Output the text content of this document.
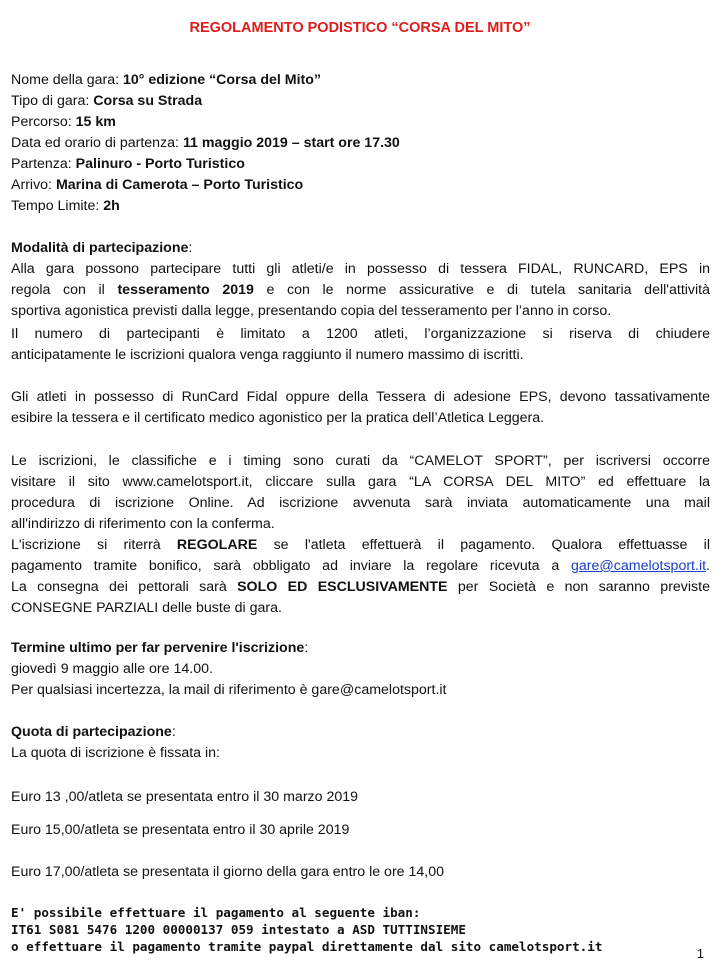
REGOLAMENTO PODISTICO “CORSA DEL MITO”
Nome della gara: 10° edizione “Corsa del Mito”
Tipo di gara: Corsa su Strada
Percorso: 15 km
Data ed orario di partenza: 11 maggio 2019 – start ore 17.30
Partenza: Palinuro - Porto Turistico
Arrivo: Marina di Camerota – Porto Turistico
Tempo Limite: 2h
Modalità di partecipazione:
Alla gara possono partecipare tutti gli atleti/e in possesso di tessera FIDAL, RUNCARD, EPS in
regola con il tesseramento 2019 e con le norme assicurative e di tutela sanitaria dell'attività
sportiva agonistica previsti dalla legge, presentando copia del tesseramento per l’anno in corso.
Il numero di partecipanti è limitato a 1200 atleti, l’organizzazione si riserva di chiudere
anticipatamente le iscrizioni qualora venga raggiunto il numero massimo di iscritti.
Gli atleti in possesso di RunCard Fidal oppure della Tessera di adesione EPS, devono tassativamente
esibire la tessera e il certificato medico agonistico per la pratica dell’Atletica Leggera.
Le iscrizioni, le classifiche e i timing sono curati da “CAMELOT SPORT”, per iscriversi occorre
visitare il sito www.camelotsport.it, cliccare sulla gara “LA CORSA DEL MITO” ed effettuare la
procedura di iscrizione Online. Ad iscrizione avvenuta sarà inviata automaticamente una mail
all'indirizzo di riferimento con la conferma.
L'iscrizione si riterrà REGOLARE se l'atleta effettuerà il pagamento. Qualora effettuasse il
pagamento tramite bonifico, sarà obbligato ad inviare la regolare ricevuta a gare@camelotsport.it.
La consegna dei pettorali sarà SOLO ED ESCLUSIVAMENTE per Società e non saranno previste
CONSEGNE PARZIALI delle buste di gara.
Termine ultimo per far pervenire l'iscrizione:
giovedì 9 maggio alle ore 14.00.
Per qualsiasi incertezza, la mail di riferimento è gare@camelotsport.it
Quota di partecipazione:
La quota di iscrizione è fissata in:
Euro 13 ,00/atleta se presentata entro il 30 marzo 2019
Euro 15,00/atleta se presentata entro il 30 aprile 2019
Euro 17,00/atleta se presentata il giorno della gara entro le ore 14,00
E' possibile effettuare il pagamento al seguente iban:
IT61 S081 5476 1200 00000137 059 intestato a ASD TUTTINSIEME
o effettuare il pagamento tramite paypal direttamente dal sito camelotsport.it	1
